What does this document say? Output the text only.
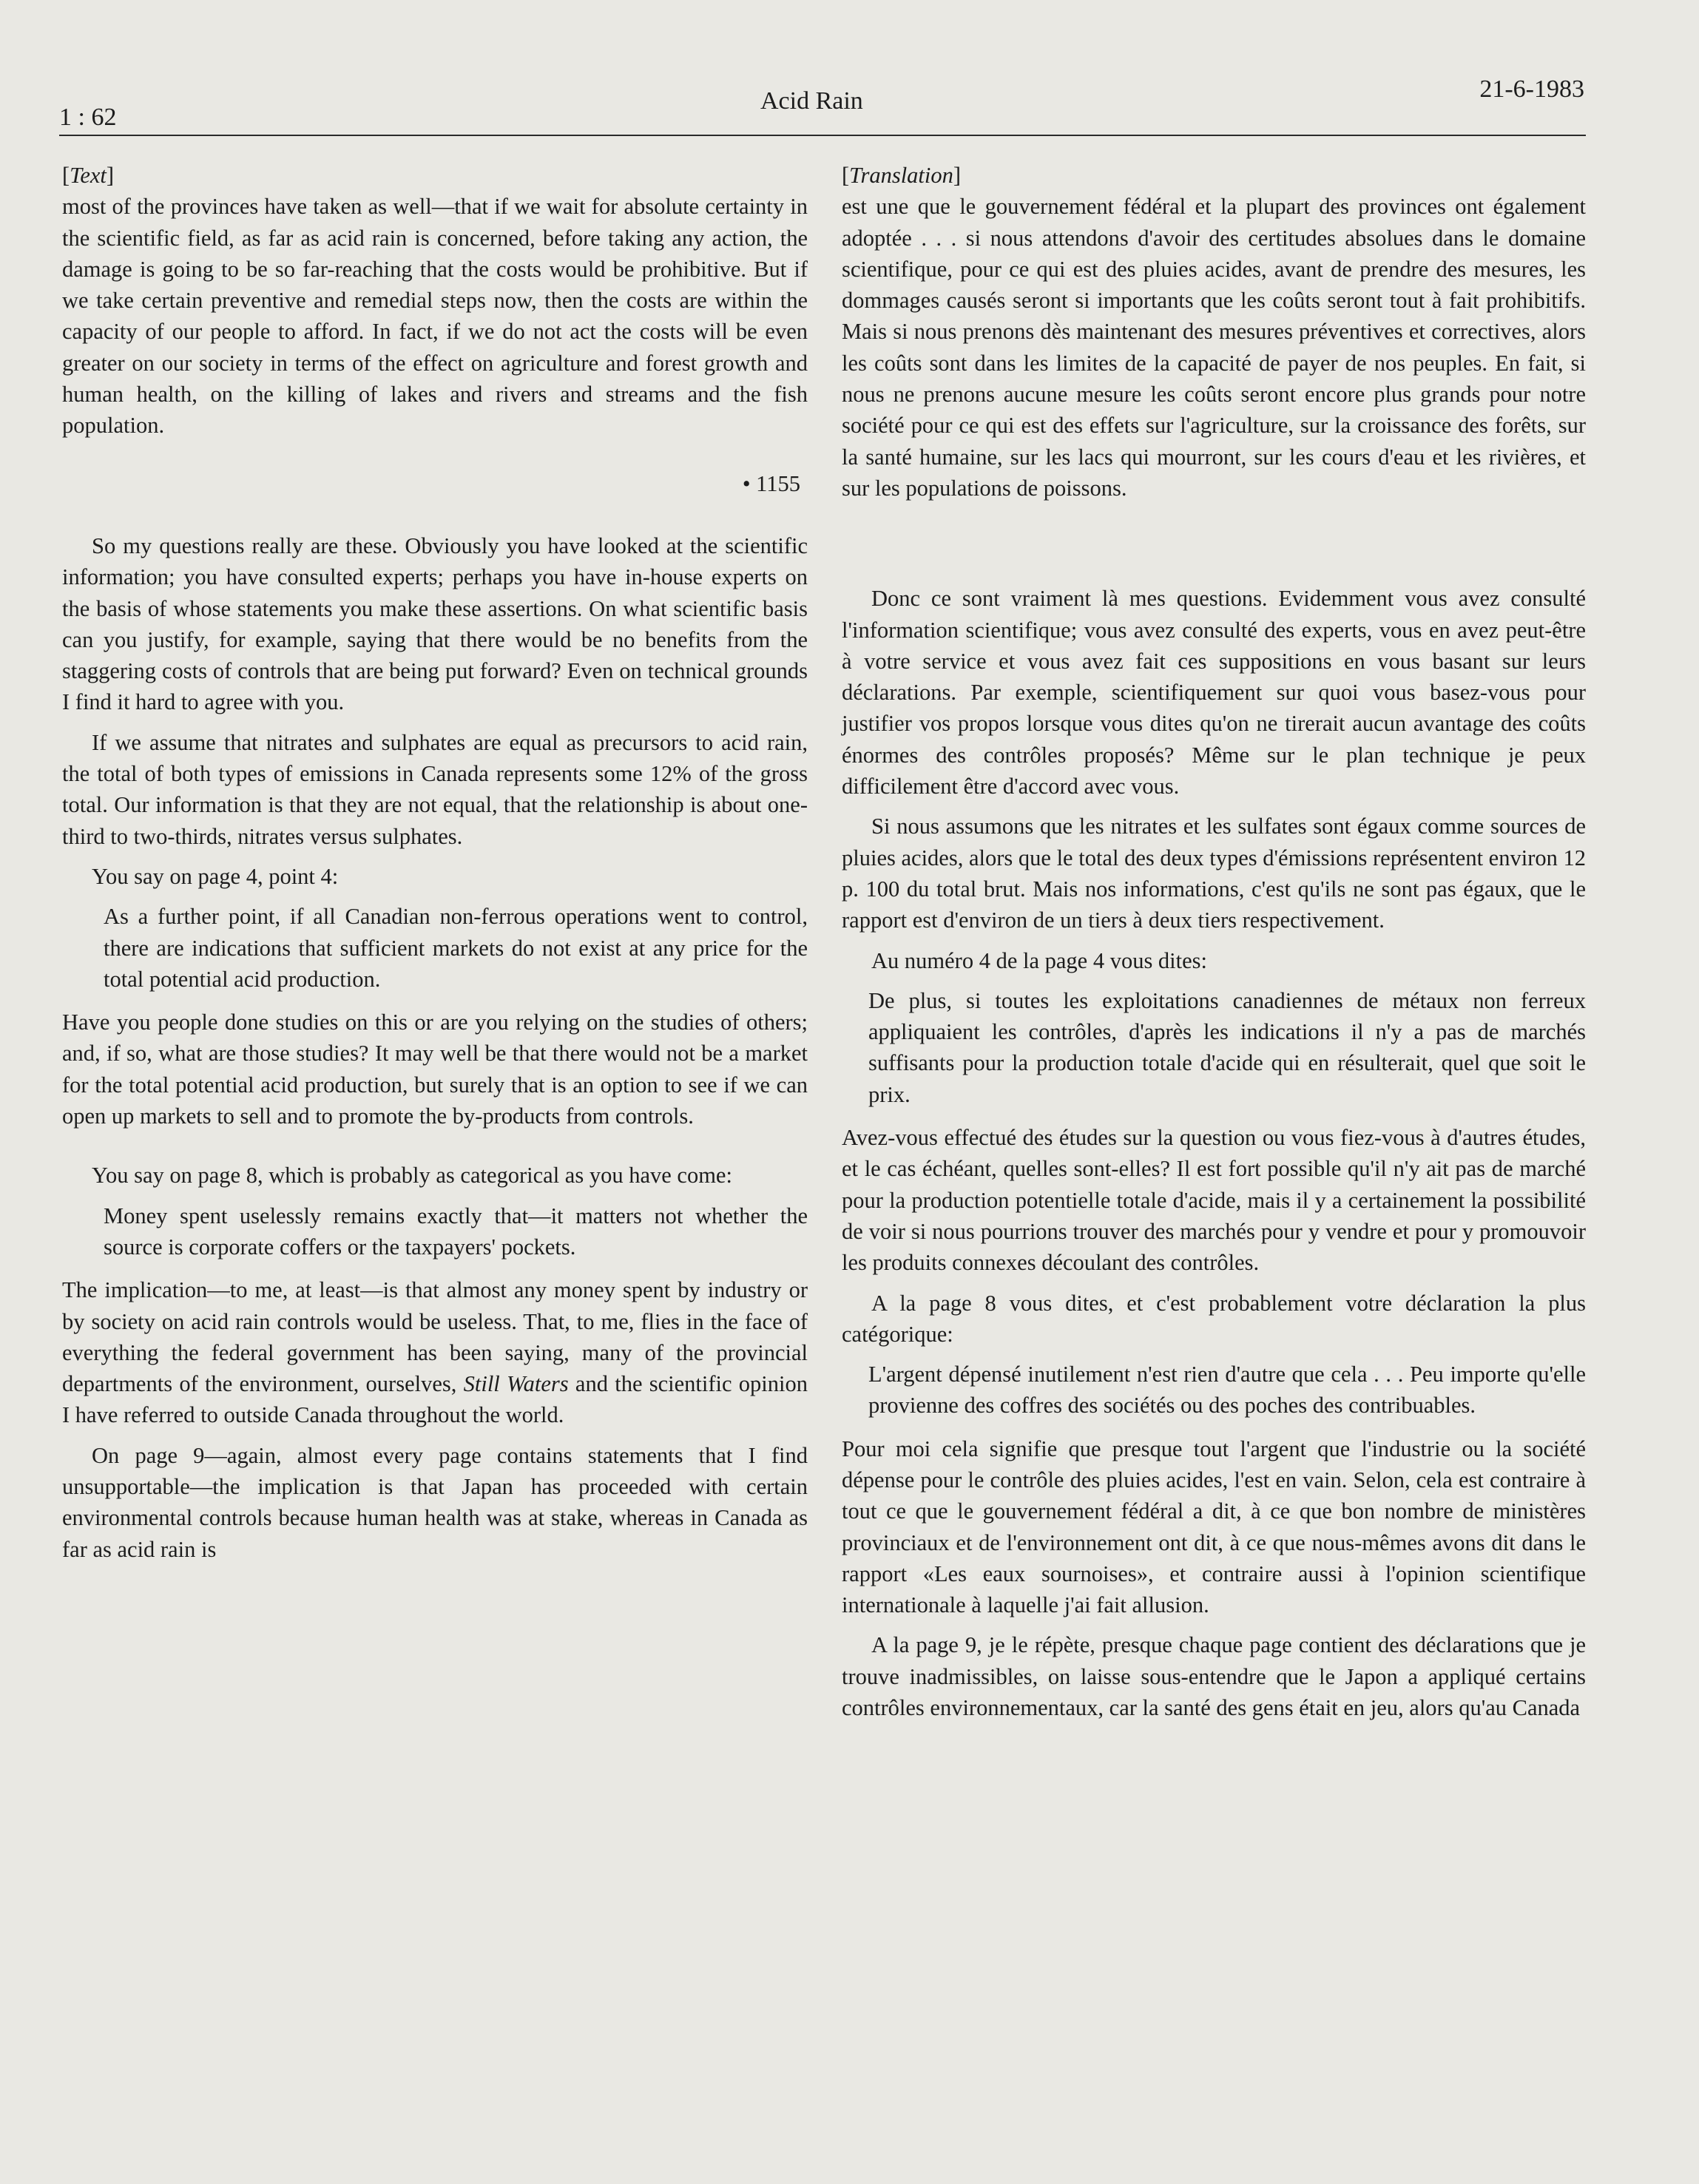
1 : 62
Acid Rain	21-6-1983

[Text]

most of the provinces have taken as well—that if we wait for absolute certainty in the scientific field, as far as acid rain is concerned, before taking any action, the damage is going to be so far-reaching that the costs would be prohibitive. But if we take certain preventive and remedial steps now, then the costs are within the capacity of our people to afford. In fact, if we do not act the costs will be even greater on our society in terms of the effect on agriculture and forest growth and human health, on the killing of lakes and rivers and streams and the fish population.

• 1155

So my questions really are these. Obviously you have looked at the scientific information; you have consulted experts; perhaps you have in-house experts on the basis of whose statements you make these assertions. On what scientific basis can you justify, for example, saying that there would be no benefits from the staggering costs of controls that are being put forward? Even on technical grounds I find it hard to agree with you.

If we assume that nitrates and sulphates are equal as precursors to acid rain, the total of both types of emissions in Canada represents some 12% of the gross total. Our information is that they are not equal, that the relationship is about one-third to two-thirds, nitrates versus sulphates.

You say on page 4, point 4:

As a further point, if all Canadian non-ferrous operations went to control, there are indications that sufficient markets do not exist at any price for the total potential acid production.

Have you people done studies on this or are you relying on the studies of others; and, if so, what are those studies? It may well be that there would not be a market for the total potential acid production, but surely that is an option to see if we can open up markets to sell and to promote the by-products from controls.

You say on page 8, which is probably as categorical as you have come:

Money spent uselessly remains exactly that—it matters not whether the source is corporate coffers or the taxpayers' pockets.

The implication—to me, at least—is that almost any money spent by industry or by society on acid rain controls would be useless. That, to me, flies in the face of everything the federal government has been saying, many of the provincial departments of the environment, ourselves, Still Waters and the scientific opinion I have referred to outside Canada throughout the world.

On page 9—again, almost every page contains statements that I find unsupportable—the implication is that Japan has proceeded with certain environmental controls because human health was at stake, whereas in Canada as far as acid rain is

[Translation]

est une que le gouvernement fédéral et la plupart des provinces ont également adoptée . . . si nous attendons d'avoir des certitudes absolues dans le domaine scientifique, pour ce qui est des pluies acides, avant de prendre des mesures, les dommages causés seront si importants que les coûts seront tout à fait prohibitifs. Mais si nous prenons dès maintenant des mesures préventives et correctives, alors les coûts sont dans les limites de la capacité de payer de nos peuples. En fait, si nous ne prenons aucune mesure les coûts seront encore plus grands pour notre société pour ce qui est des effets sur l'agriculture, sur la croissance des forêts, sur la santé humaine, sur les lacs qui mourront, sur les cours d'eau et les rivières, et sur les populations de poissons.

Donc ce sont vraiment là mes questions. Evidemment vous avez consulté l'information scientifique; vous avez consulté des experts, vous en avez peut-être à votre service et vous avez fait ces suppositions en vous basant sur leurs déclarations. Par exemple, scientifiquement sur quoi vous basez-vous pour justifier vos propos lorsque vous dites qu'on ne tirerait aucun avantage des coûts énormes des contrôles proposés? Même sur le plan technique je peux difficilement être d'accord avec vous.

Si nous assumons que les nitrates et les sulfates sont égaux comme sources de pluies acides, alors que le total des deux types d'émissions représentent environ 12 p. 100 du total brut. Mais nos informations, c'est qu'ils ne sont pas égaux, que le rapport est d'environ de un tiers à deux tiers respectivement.

Au numéro 4 de la page 4 vous dites:

De plus, si toutes les exploitations canadiennes de métaux non ferreux appliquaient les contrôles, d'après les indications il n'y a pas de marchés suffisants pour la production totale d'acide qui en résulterait, quel que soit le prix.

Avez-vous effectué des études sur la question ou vous fiez-vous à d'autres études, et le cas échéant, quelles sont-elles? Il est fort possible qu'il n'y ait pas de marché pour la production potentielle totale d'acide, mais il y a certainement la possibilité de voir si nous pourrions trouver des marchés pour y vendre et pour y promouvoir les produits connexes découlant des contrôles.

A la page 8 vous dites, et c'est probablement votre déclaration la plus catégorique:

L'argent dépensé inutilement n'est rien d'autre que cela . . . Peu importe qu'elle provienne des coffres des sociétés ou des poches des contribuables.

Pour moi cela signifie que presque tout l'argent que l'industrie ou la société dépense pour le contrôle des pluies acides, l'est en vain. Selon, cela est contraire à tout ce que le gouvernement fédéral a dit, à ce que bon nombre de ministères provinciaux et de l'environnement ont dit, à ce que nous-mêmes avons dit dans le rapport «Les eaux sournoises», et contraire aussi à l'opinion scientifique internationale à laquelle j'ai fait allusion.

A la page 9, je le répète, presque chaque page contient des déclarations que je trouve inadmissibles, on laisse sous-entendre que le Japon a appliqué certains contrôles environnementaux, car la santé des gens était en jeu, alors qu'au Canada
